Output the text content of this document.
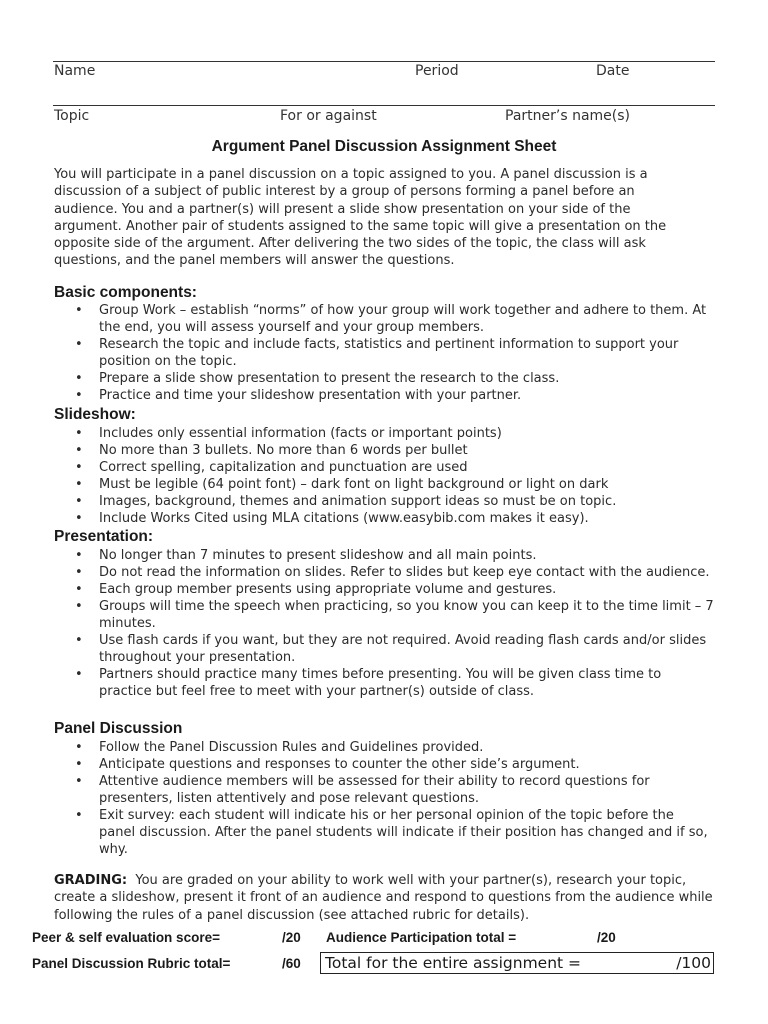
Name	Period	Date
Topic	For or against	Partner’s name(s)
Argument Panel Discussion Assignment Sheet
You will participate in a panel discussion on a topic assigned to you. A panel discussion is a
discussion of a subject of public interest by a group of persons forming a panel before an
audience. You and a partner(s) will present a slide show presentation on your side of the
argument. Another pair of students assigned to the same topic will give a presentation on the
opposite side of the argument. After delivering the two sides of the topic, the class will ask
questions, and the panel members will answer the questions.
Basic components:
• Group Work – establish “norms” of how your group will work together and adhere to them. At the end, you will assess yourself and your group members.
• Research the topic and include facts, statistics and pertinent information to support your position on the topic.
• Prepare a slide show presentation to present the research to the class.
• Practice and time your slideshow presentation with your partner.
Slideshow:
• Includes only essential information (facts or important points)
• No more than 3 bullets. No more than 6 words per bullet
• Correct spelling, capitalization and punctuation are used
• Must be legible (64 point font) – dark font on light background or light on dark
• Images, background, themes and animation support ideas so must be on topic.
• Include Works Cited using MLA citations (www.easybib.com makes it easy).
Presentation:
• No longer than 7 minutes to present slideshow and all main points.
• Do not read the information on slides. Refer to slides but keep eye contact with the audience.
• Each group member presents using appropriate volume and gestures.
• Groups will time the speech when practicing, so you know you can keep it to the time limit – 7 minutes.
• Use flash cards if you want, but they are not required. Avoid reading flash cards and/or slides throughout your presentation.
• Partners should practice many times before presenting. You will be given class time to practice but feel free to meet with your partner(s) outside of class.
Panel Discussion
• Follow the Panel Discussion Rules and Guidelines provided.
• Anticipate questions and responses to counter the other side’s argument.
• Attentive audience members will be assessed for their ability to record questions for presenters, listen attentively and pose relevant questions.
• Exit survey: each student will indicate his or her personal opinion of the topic before the panel discussion. After the panel students will indicate if their position has changed and if so, why.
GRADING: You are graded on your ability to work well with your partner(s), research your topic, create a slideshow, present it front of an audience and respond to questions from the audience while following the rules of a panel discussion (see attached rubric for details).
Peer & self evaluation score=	/20 Audience Participation total =	/20
Panel Discussion Rubric total=	/60 Total for the entire assignment =	/100
